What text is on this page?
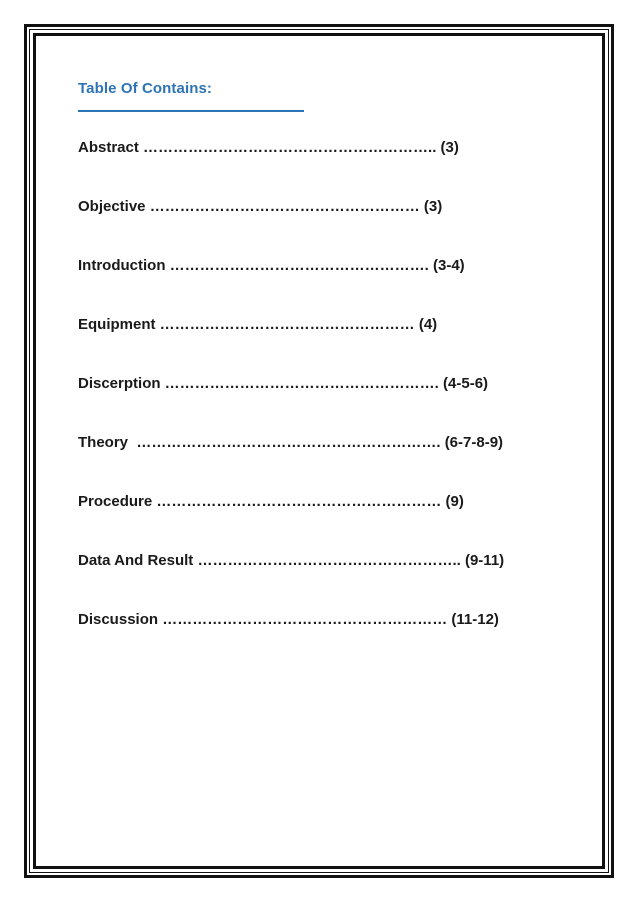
Table Of Contains:
Abstract ………………………………………………….. (3)
Objective ……………………………………………… (3)
Introduction ……………………………………………. (3-4)
Equipment …………………………………………… (4)
Discerption ………………………………………………. (4-5-6)
Theory  ……………………………………………………. (6-7-8-9)
Procedure ………………………………………………… (9)
Data And Result …………………………………………….. (9-11)
Discussion ………………………………………………… (11-12)
